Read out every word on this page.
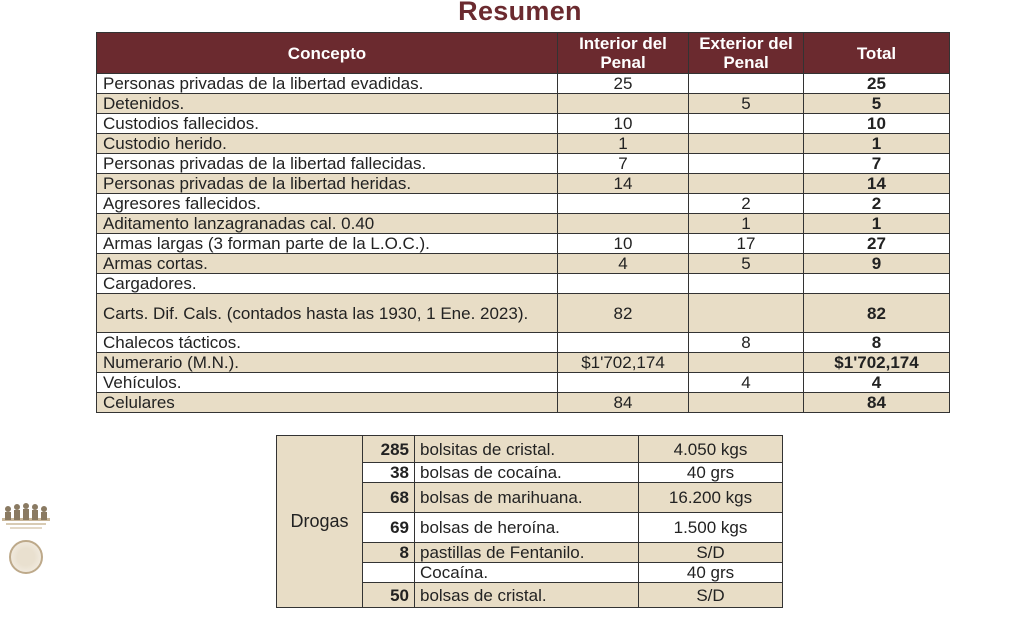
Resumen
Concepto	Interior del Penal	Exterior del Penal	Total
Personas privadas de la libertad evadidas.	25		25
Detenidos.		5	5
Custodios fallecidos.	10		10
Custodio herido.	1		1
Personas privadas de la libertad fallecidas.	7		7
Personas privadas de la libertad heridas.	14		14
Agresores fallecidos.		2	2
Aditamento lanzagranadas cal. 0.40		1	1
Armas largas (3 forman parte de la L.O.C.).	10	17	27
Armas cortas.	4	5	9
Cargadores.			
Carts. Dif. Cals. (contados hasta las 1930, 1 Ene. 2023).	82		82
Chalecos tácticos.		8	8
Numerario (M.N.).	$1'702,174		$1'702,174
Vehículos.		4	4
Celulares	84		84
Drogas	285	bolsitas de cristal.	4.050 kgs
	38	bolsas de cocaína.	40 grs
	68	bolsas de marihuana.	16.200 kgs
	69	bolsas de heroína.	1.500 kgs
	8	pastillas de Fentanilo.	S/D
		Cocaína.	40 grs
	50	bolsas de cristal.	S/D
